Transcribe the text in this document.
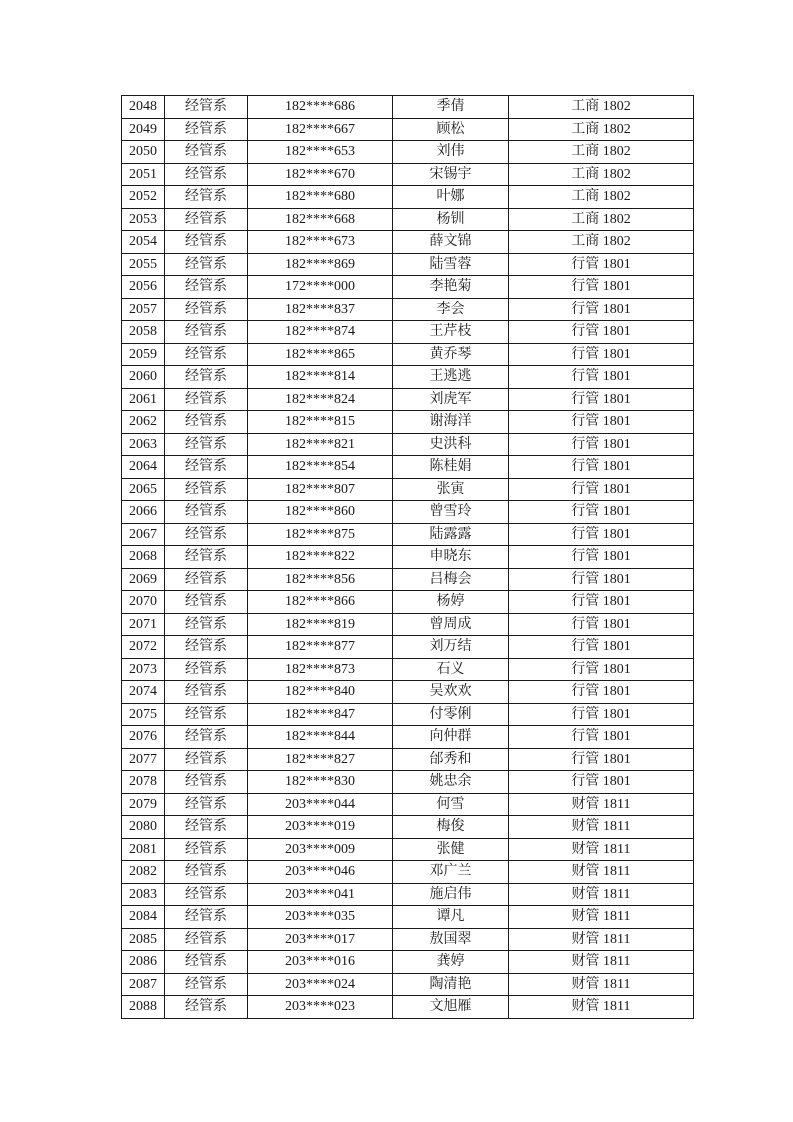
2048	经管系	182****686	季倩	工商 1802
2049	经管系	182****667	顾松	工商 1802
2050	经管系	182****653	刘伟	工商 1802
2051	经管系	182****670	宋锡宇	工商 1802
2052	经管系	182****680	叶娜	工商 1802
2053	经管系	182****668	杨钏	工商 1802
2054	经管系	182****673	薛文锦	工商 1802
2055	经管系	182****869	陆雪蓉	行管 1801
2056	经管系	172****000	李艳菊	行管 1801
2057	经管系	182****837	李会	行管 1801
2058	经管系	182****874	王芹枝	行管 1801
2059	经管系	182****865	黄乔琴	行管 1801
2060	经管系	182****814	王逃逃	行管 1801
2061	经管系	182****824	刘虎军	行管 1801
2062	经管系	182****815	谢海洋	行管 1801
2063	经管系	182****821	史洪科	行管 1801
2064	经管系	182****854	陈桂娟	行管 1801
2065	经管系	182****807	张寅	行管 1801
2066	经管系	182****860	曾雪玲	行管 1801
2067	经管系	182****875	陆露露	行管 1801
2068	经管系	182****822	申晓东	行管 1801
2069	经管系	182****856	吕梅会	行管 1801
2070	经管系	182****866	杨婷	行管 1801
2071	经管系	182****819	曾周成	行管 1801
2072	经管系	182****877	刘万结	行管 1801
2073	经管系	182****873	石义	行管 1801
2074	经管系	182****840	吴欢欢	行管 1801
2075	经管系	182****847	付零俐	行管 1801
2076	经管系	182****844	向仲群	行管 1801
2077	经管系	182****827	邰秀和	行管 1801
2078	经管系	182****830	姚忠余	行管 1801
2079	经管系	203****044	何雪	财管 1811
2080	经管系	203****019	梅俊	财管 1811
2081	经管系	203****009	张健	财管 1811
2082	经管系	203****046	邓广兰	财管 1811
2083	经管系	203****041	施启伟	财管 1811
2084	经管系	203****035	谭凡	财管 1811
2085	经管系	203****017	敖国翠	财管 1811
2086	经管系	203****016	龚婷	财管 1811
2087	经管系	203****024	陶清艳	财管 1811
2088	经管系	203****023	文旭雁	财管 1811
